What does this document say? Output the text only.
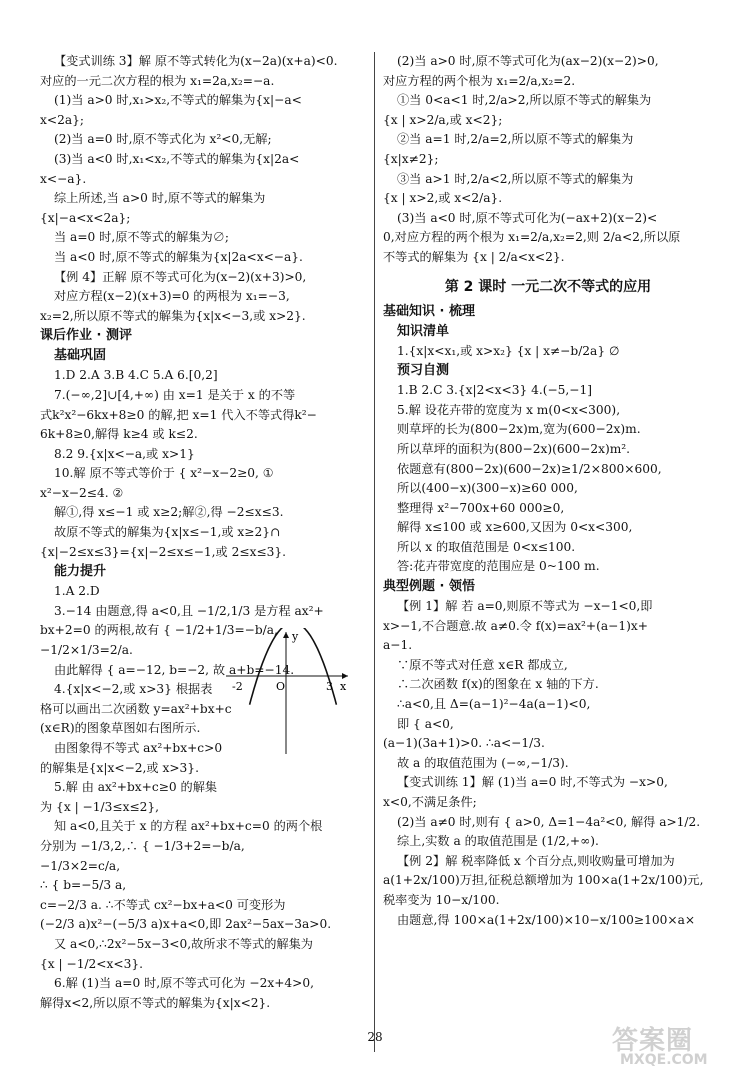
【变式训练 3】解 原不等式转化为(x−2a)(x+a)<0.
对应的一元二次方程的根为 x₁=2a,x₂=−a.
(1)当 a>0 时,x₁>x₂,不等式的解集为{x|−a<
x<2a};
(2)当 a=0 时,原不等式化为 x²<0,无解;
(3)当 a<0 时,x₁<x₂,不等式的解集为{x|2a<
x<−a}.
综上所述,当 a>0 时,原不等式的解集为
{x|−a<x<2a};
当 a=0 时,原不等式的解集为∅;
当 a<0 时,原不等式的解集为{x|2a<x<−a}.
【例 4】正解 原不等式可化为(x−2)(x+3)>0,
对应方程(x−2)(x+3)=0 的两根为 x₁=−3,
x₂=2,所以原不等式的解集为{x|x<−3,或 x>2}.
课后作业 · 测评
基础巩固
1.D 2.A 3.B 4.C 5.A 6.[0,2]
7.(−∞,2]∪[4,+∞) 由 x=1 是关于 x 的不等
式k²x²−6kx+8≥0 的解,把 x=1 代入不等式得k²−
6k+8≥0,解得 k≥4 或 k≤2.
8.2 9.{x|x<−a,或 x>1}
10.解 原不等式等价于 { x²−x−2≥0, ①
x²−x−2≤4. ②
解①,得 x≤−1 或 x≥2;解②,得 −2≤x≤3.
故原不等式的解集为{x|x≤−1,或 x≥2}∩
{x|−2≤x≤3}={x|−2≤x≤−1,或 2≤x≤3}.
能力提升
1.A 2.D
3.−14 由题意,得 a<0,且 −1/2,1/3 是方程 ax²+
bx+2=0 的两根,故有 { −1/2+1/3=−b/a,
−1/2×1/3=2/a.
由此解得 { a=−12, b=−2, 故 a+b=−14.
4.{x|x<−2,或 x>3} 根据表
格可以画出二次函数 y=ax²+bx+c
(x∈R)的图象草图如右图所示.
由图象得不等式 ax²+bx+c>0
的解集是{x|x<−2,或 x>3}.
5.解 由 ax²+bx+c≥0 的解集
为 {x | −1/3≤x≤2},
知 a<0,且关于 x 的方程 ax²+bx+c=0 的两个根
分别为 −1/3,2,∴ { −1/3+2=−b/a,
−1/3×2=c/a,
∴ { b=−5/3 a,
c=−2/3 a. ∴不等式 cx²−bx+a<0 可变形为
(−2/3 a)x²−(−5/3 a)x+a<0,即 2ax²−5ax−3a>0.
又 a<0,∴2x²−5x−3<0,故所求不等式的解集为
{x | −1/2<x<3}.
6.解 (1)当 a=0 时,原不等式可化为 −2x+4>0,
解得x<2,所以原不等式的解集为{x|x<2}.
(2)当 a>0 时,原不等式可化为(ax−2)(x−2)>0,
对应方程的两个根为 x₁=2/a,x₂=2.
①当 0<a<1 时,2/a>2,所以原不等式的解集为
{x | x>2/a,或 x<2};
②当 a=1 时,2/a=2,所以原不等式的解集为
{x|x≠2};
③当 a>1 时,2/a<2,所以原不等式的解集为
{x | x>2,或 x<2/a}.
(3)当 a<0 时,原不等式可化为(−ax+2)(x−2)<
0,对应方程的两个根为 x₁=2/a,x₂=2,则 2/a<2,所以原
不等式的解集为 {x | 2/a<x<2}.
第 2 课时 一元二次不等式的应用
基础知识 · 梳理
知识清单
1.{x|x<x₁,或 x>x₂} {x | x≠−b/2a} ∅
预习自测
1.B 2.C 3.{x|2<x<3} 4.(−5,−1]
5.解 设花卉带的宽度为 x m(0<x<300),
则草坪的长为(800−2x)m,宽为(600−2x)m.
所以草坪的面积为(800−2x)(600−2x)m².
依题意有(800−2x)(600−2x)≥1/2×800×600,
所以(400−x)(300−x)≥60 000,
整理得 x²−700x+60 000≥0,
解得 x≤100 或 x≥600,又因为 0<x<300,
所以 x 的取值范围是 0<x≤100.
答:花卉带宽度的范围应是 0~100 m.
典型例题 · 领悟
【例 1】解 若 a=0,则原不等式为 −x−1<0,即
x>−1,不合题意.故 a≠0.令 f(x)=ax²+(a−1)x+
a−1.
∵原不等式对任意 x∈R 都成立,
∴二次函数 f(x)的图象在 x 轴的下方.
∴a<0,且 Δ=(a−1)²−4a(a−1)<0,
即 { a<0,
(a−1)(3a+1)>0. ∴a<−1/3.
故 a 的取值范围为 (−∞,−1/3).
【变式训练 1】解 (1)当 a=0 时,不等式为 −x>0,
x<0,不满足条件;
(2)当 a≠0 时,则有 { a>0, Δ=1−4a²<0, 解得 a>1/2.
综上,实数 a 的取值范围是 (1/2,+∞).
【例 2】解 税率降低 x 个百分点,则收购量可增加为
a(1+2x/100)万担,征税总额增加为 100×a(1+2x/100)元,
税率变为 10−x/100.
由题意,得 100×a(1+2x/100)×10−x/100≥100×a×
x
y
-2	O	3
28	答案圈
MXQE.COM
